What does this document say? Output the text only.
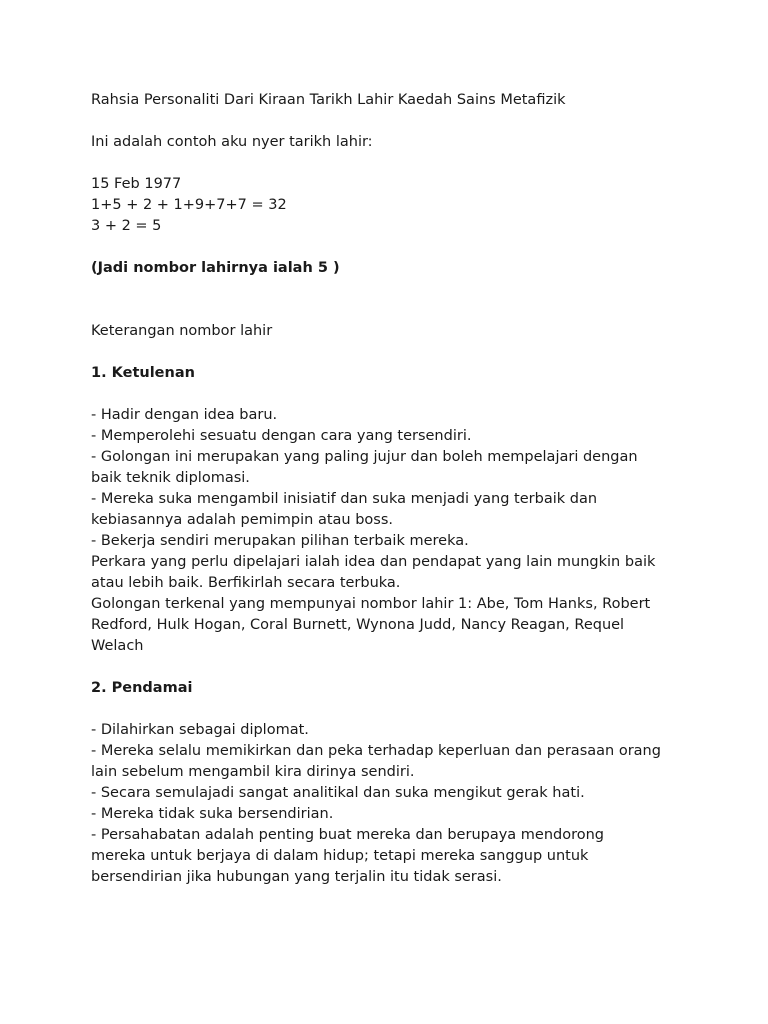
Rahsia Personaliti Dari Kiraan Tarikh Lahir Kaedah Sains Metafizik
Ini adalah contoh aku nyer tarikh lahir:
15 Feb 1977
1+5 + 2 + 1+9+7+7 = 32
3 + 2 = 5
(Jadi nombor lahirnya ialah 5 )
Keterangan nombor lahir
1. Ketulenan
- Hadir dengan idea baru.
- Memperolehi sesuatu dengan cara yang tersendiri.
- Golongan ini merupakan yang paling jujur dan boleh mempelajari dengan
baik teknik diplomasi.
- Mereka suka mengambil inisiatif dan suka menjadi yang terbaik dan
kebiasannya adalah pemimpin atau boss.
- Bekerja sendiri merupakan pilihan terbaik mereka.
Perkara yang perlu dipelajari ialah idea dan pendapat yang lain mungkin baik
atau lebih baik. Berfikirlah secara terbuka.
Golongan terkenal yang mempunyai nombor lahir 1: Abe, Tom Hanks, Robert
Redford, Hulk Hogan, Coral Burnett, Wynona Judd, Nancy Reagan, Requel
Welach
2. Pendamai
- Dilahirkan sebagai diplomat.
- Mereka selalu memikirkan dan peka terhadap keperluan dan perasaan orang
lain sebelum mengambil kira dirinya sendiri.
- Secara semulajadi sangat analitikal dan suka mengikut gerak hati.
- Mereka tidak suka bersendirian.
- Persahabatan adalah penting buat mereka dan berupaya mendorong
mereka untuk berjaya di dalam hidup; tetapi mereka sanggup untuk
bersendirian jika hubungan yang terjalin itu tidak serasi.
